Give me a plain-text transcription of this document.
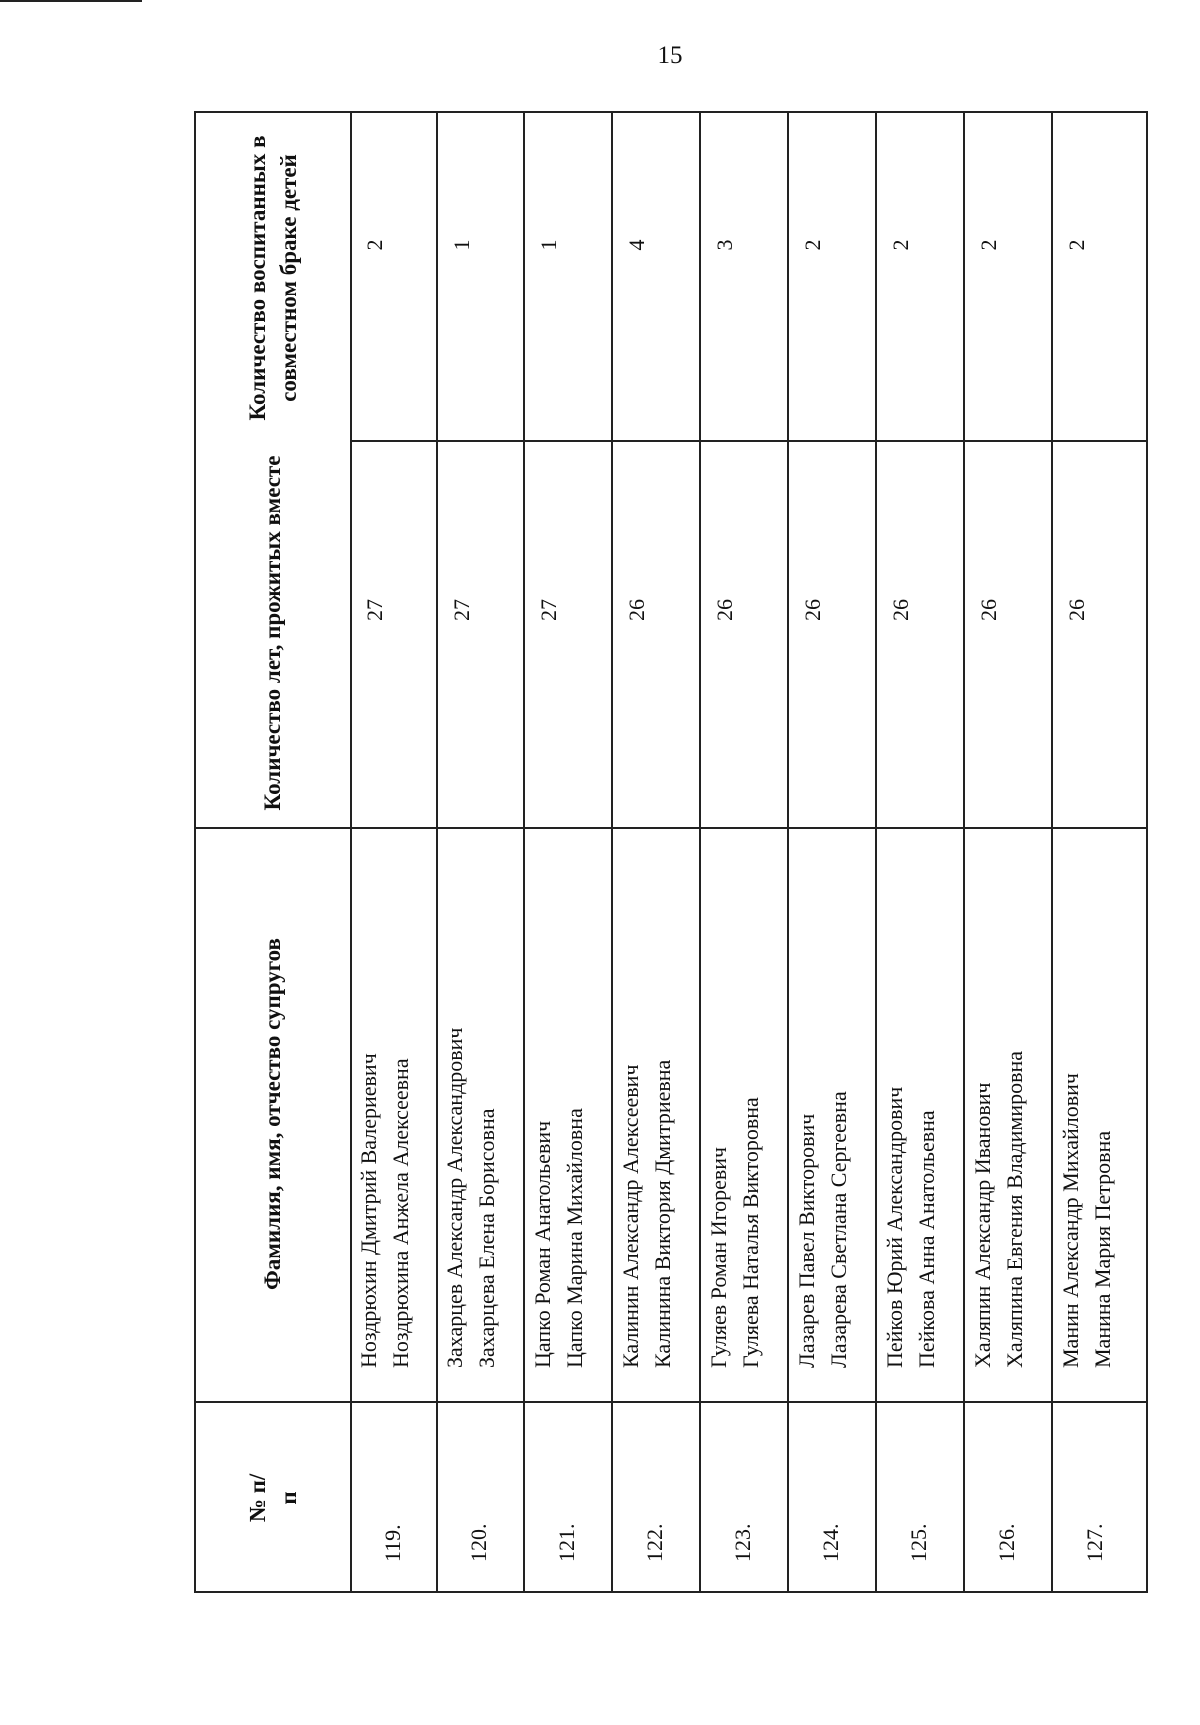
15
№ п/п
Фамилия, имя, отчество супругов
Количество лет, прожитых вместе
Количество воспитанных в совместном браке детей
119.
Ноздрюхин Дмитрий Валериевич Ноздрюхина Анжела Алексеевна
27
2
120.
Захарцев Александр Александрович Захарцева Елена Борисовна
27
1
121.
Цапко Роман Анатольевич Цапко Марина Михайловна
27
1
122.
Калинин Александр Алексеевич Калинина Виктория Дмитриевна
26
4
123.
Гуляев Роман Игоревич Гуляева Наталья Викторовна
26
3
124.
Лазарев Павел Викторович Лазарева Светлана Сергеевна
26
2
125.
Пейков Юрий Александрович Пейкова Анна Анатольевна
26
2
126.
Халяпин Александр Иванович Халяпина Евгения Владимировна
26
2
127.
Манин Александр Михайлович Манина Мария Петровна
26
2
